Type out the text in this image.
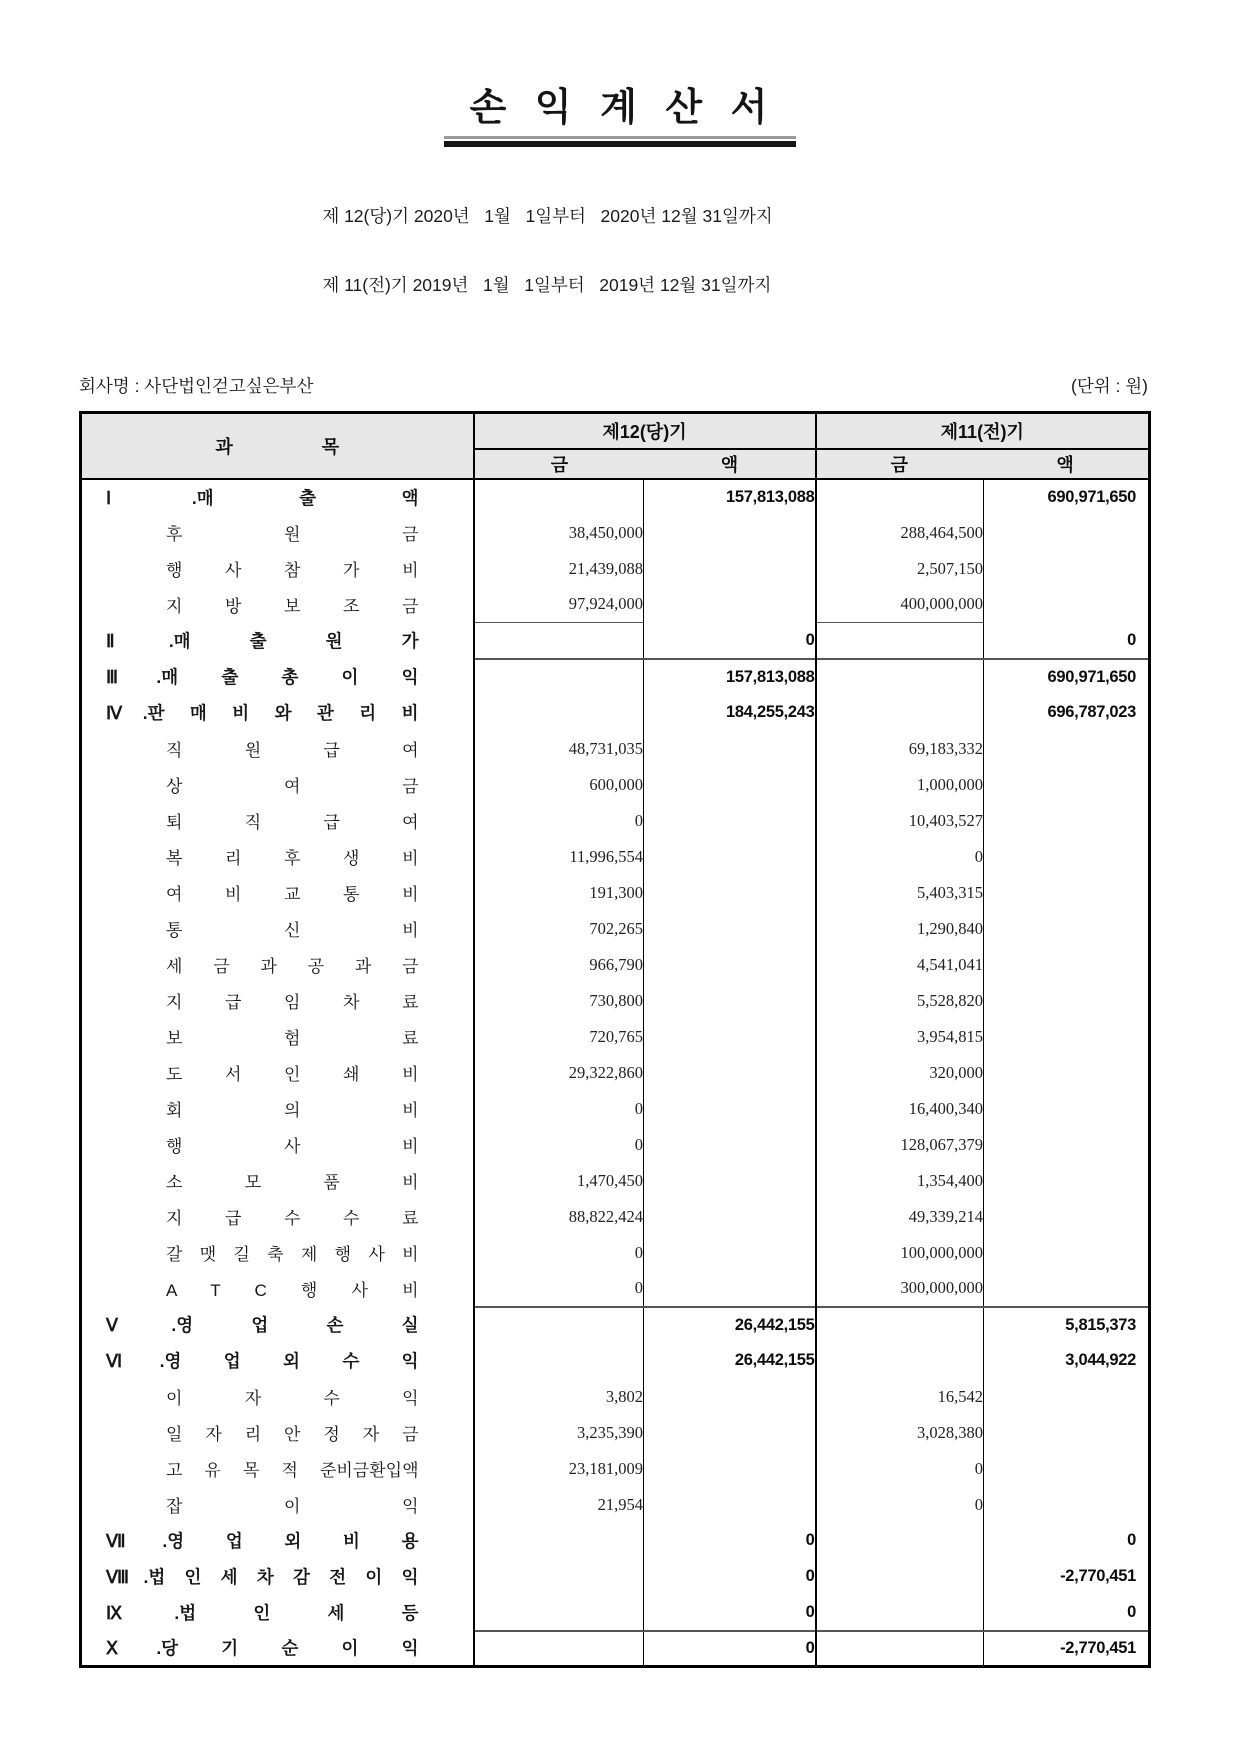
손 익 계 산 서

제 12(당)기 2020년   1월   1일부터   2020년 12월 31일까지

제 11(전)기 2019년   1월   1일부터   2019년 12월 31일까지

회사명 : 사단법인걷고싶은부산	(단위 : 원)
과 목	제12(당)기		제11(전)기	

	금 액		금 액	

Ⅰ.매 출 액		157,813,088		690,971,650

후 원 금	38,450,000		288,464,500	

행 사 참 가 비	21,439,088		2,507,150	

지 방 보 조 금	97,924,000		400,000,000	

Ⅱ.매 출 원 가		0		0

Ⅲ.매 출 총 이 익		157,813,088		690,971,650

Ⅳ.판 매 비 와 관 리 비		184,255,243		696,787,023

직 원 급 여	48,731,035		69,183,332	

상 여 금	600,000		1,000,000	

퇴 직 급 여	0		10,403,527	

복 리 후 생 비	11,996,554		0	

여 비 교 통 비	191,300		5,403,315	

통 신 비	702,265		1,290,840	

세 금 과 공 과 금	966,790		4,541,041	

지 급 임 차 료	730,800		5,528,820	

보 험 료	720,765		3,954,815	

도 서 인 쇄 비	29,322,860		320,000	

회 의 비	0		16,400,340	

행 사 비	0		128,067,379	

소 모 품 비	1,470,450		1,354,400	

지 급 수 수 료	88,822,424		49,339,214	

갈 맷 길 축 제 행 사 비	0		100,000,000	

A T C 행 사 비	0		300,000,000	

Ⅴ.영 업 손 실		26,442,155		5,815,373

Ⅵ.영 업 외 수 익		26,442,155		3,044,922

이 자 수 익	3,802		16,542	

일 자 리 안 정 자 금	3,235,390		3,028,380	

고 유 목 적 준비금환입액	23,181,009		0	

잡 이 익	21,954		0	

Ⅶ.영 업 외 비 용		0		0

Ⅷ.법 인 세 차 감 전 이 익		0		-2,770,451

Ⅸ.법 인 세 등		0		0

Ⅹ.당 기 순 이 익		0		-2,770,451
